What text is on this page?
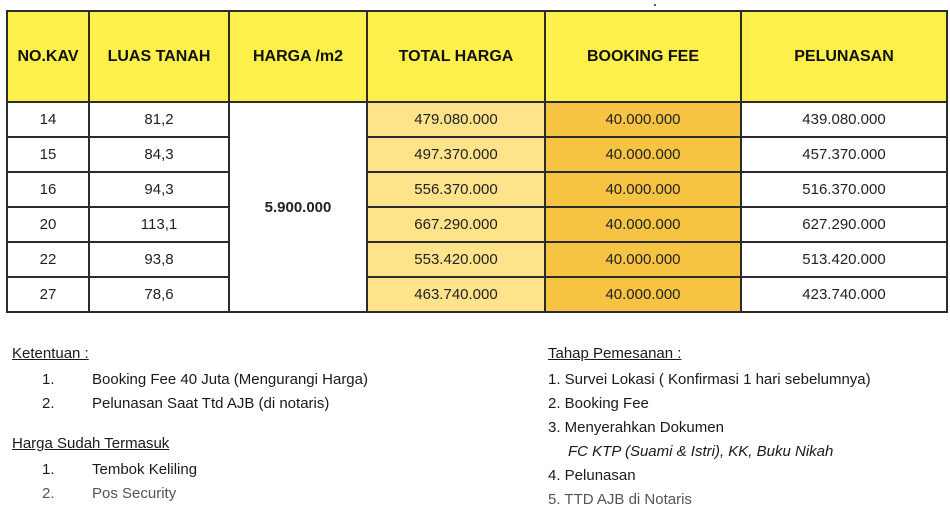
NO.KAV	LUAS TANAH	HARGA /m2	TOTAL HARGA	BOOKING FEE	PELUNASAN
14	81,2	5.900.000	479.080.000	40.000.000	439.080.000
15	84,3		497.370.000	40.000.000	457.370.000
16	94,3		556.370.000	40.000.000	516.370.000
20	113,1		667.290.000	40.000.000	627.290.000
22	93,8		553.420.000	40.000.000	513.420.000
27	78,6		463.740.000	40.000.000	423.740.000
Ketentuan :
1.	Booking Fee 40 Juta (Mengurangi Harga)
2.	Pelunasan Saat Ttd AJB (di notaris)
Harga Sudah Termasuk
1.	Tembok Keliling
2.	Pos Security
Tahap Pemesanan :
1. Survei Lokasi ( Konfirmasi 1 hari sebelumnya)
2. Booking Fee
3. Menyerahkan Dokumen
FC KTP (Suami & Istri), KK, Buku Nikah
4. Pelunasan
5. TTD AJB di Notaris
